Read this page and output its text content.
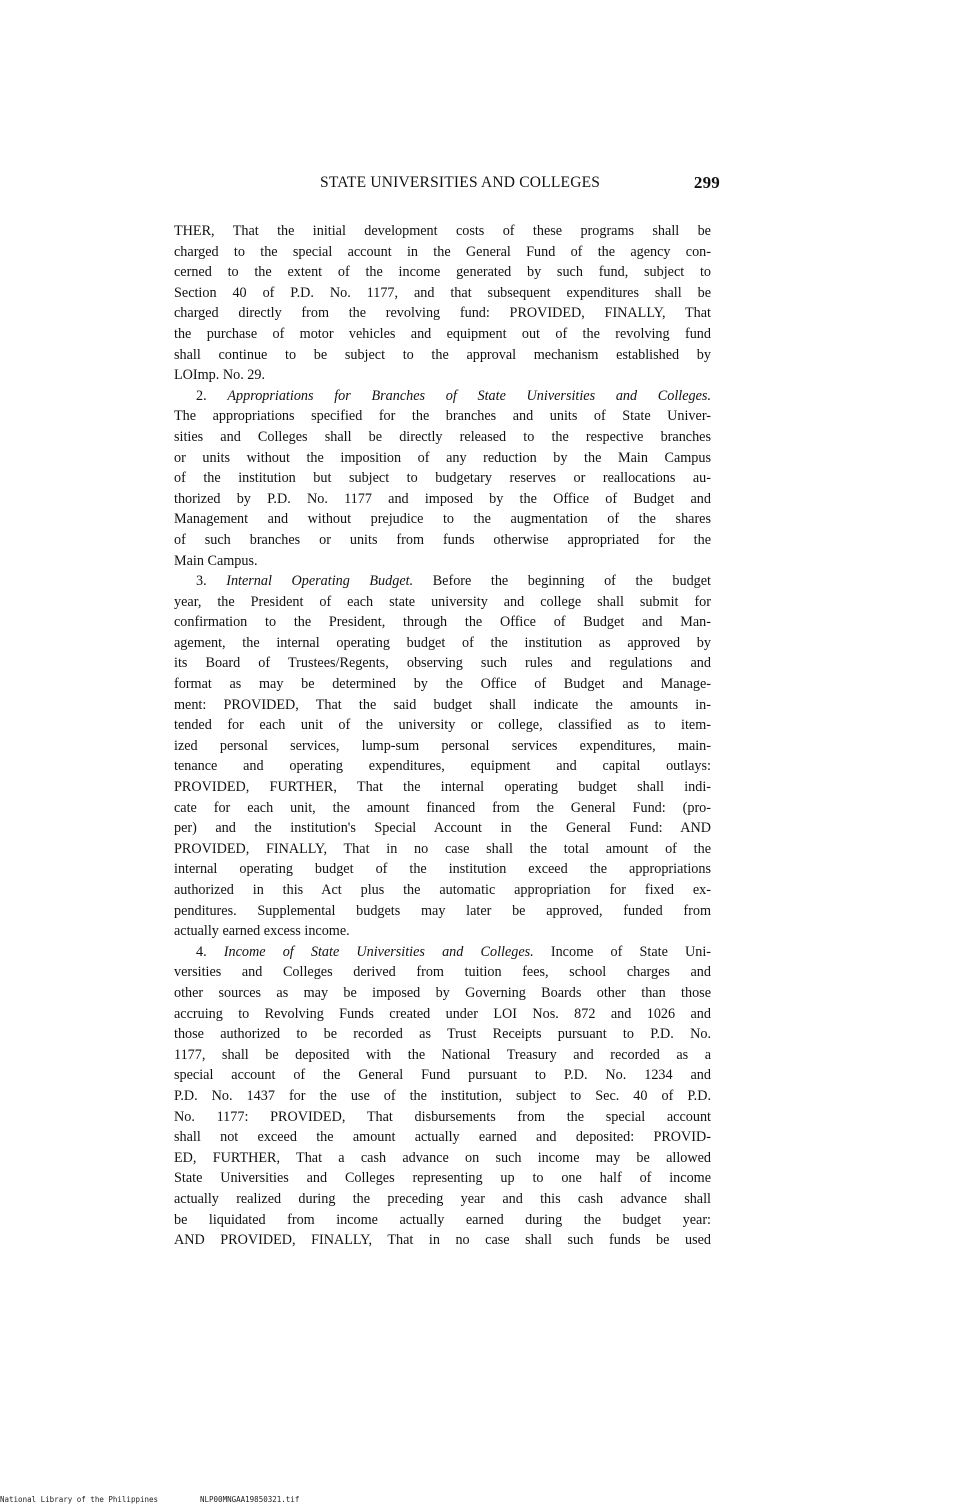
STATE UNIVERSITIES AND COLLEGES	299
THER, That the initial development costs of these programs shall be
charged to the special account in the General Fund of the agency con-
cerned to the extent of the income generated by such fund, subject to
Section 40 of P.D. No. 1177, and that subsequent expenditures shall be
charged directly from the revolving fund: PROVIDED, FINALLY, That
the purchase of motor vehicles and equipment out of the revolving fund
shall continue to be subject to the approval mechanism established by
LOImp. No. 29.
2. Appropriations for Branches of State Universities and Colleges.
The appropriations specified for the branches and units of State Univer-
sities and Colleges shall be directly released to the respective branches
or units without the imposition of any reduction by the Main Campus
of the institution but subject to budgetary reserves or reallocations au-
thorized by P.D. No. 1177 and imposed by the Office of Budget and
Management and without prejudice to the augmentation of the shares
of such branches or units from funds otherwise appropriated for the
Main Campus.
3. Internal Operating Budget. Before the beginning of the budget
year, the President of each state university and college shall submit for
confirmation to the President, through the Office of Budget and Man-
agement, the internal operating budget of the institution as approved by
its Board of Trustees/Regents, observing such rules and regulations and
format as may be determined by the Office of Budget and Manage-
ment: PROVIDED, That the said budget shall indicate the amounts in-
tended for each unit of the university or college, classified as to item-
ized personal services, lump-sum personal services expenditures, main-
tenance and operating expenditures, equipment and capital outlays:
PROVIDED, FURTHER, That the internal operating budget shall indi-
cate for each unit, the amount financed from the General Fund: (pro-
per) and the institution's Special Account in the General Fund: AND
PROVIDED, FINALLY, That in no case shall the total amount of the
internal operating budget of the institution exceed the appropriations
authorized in this Act plus the automatic appropriation for fixed ex-
penditures. Supplemental budgets may later be approved, funded from
actually earned excess income.
4. Income of State Universities and Colleges. Income of State Uni-
versities and Colleges derived from tuition fees, school charges and
other sources as may be imposed by Governing Boards other than those
accruing to Revolving Funds created under LOI Nos. 872 and 1026 and
those authorized to be recorded as Trust Receipts pursuant to P.D. No.
1177, shall be deposited with the National Treasury and recorded as a
special account of the General Fund pursuant to P.D. No. 1234 and
P.D. No. 1437 for the use of the institution, subject to Sec. 40 of P.D.
No. 1177: PROVIDED, That disbursements from the special account
shall not exceed the amount actually earned and deposited: PROVID-
ED, FURTHER, That a cash advance on such income may be allowed
State Universities and Colleges representing up to one half of income
actually realized during the preceding year and this cash advance shall
be liquidated from income actually earned during the budget year:
AND PROVIDED, FINALLY, That in no case shall such funds be used
National Library of the Philippines	NLP00MNGAA19850321.tif
